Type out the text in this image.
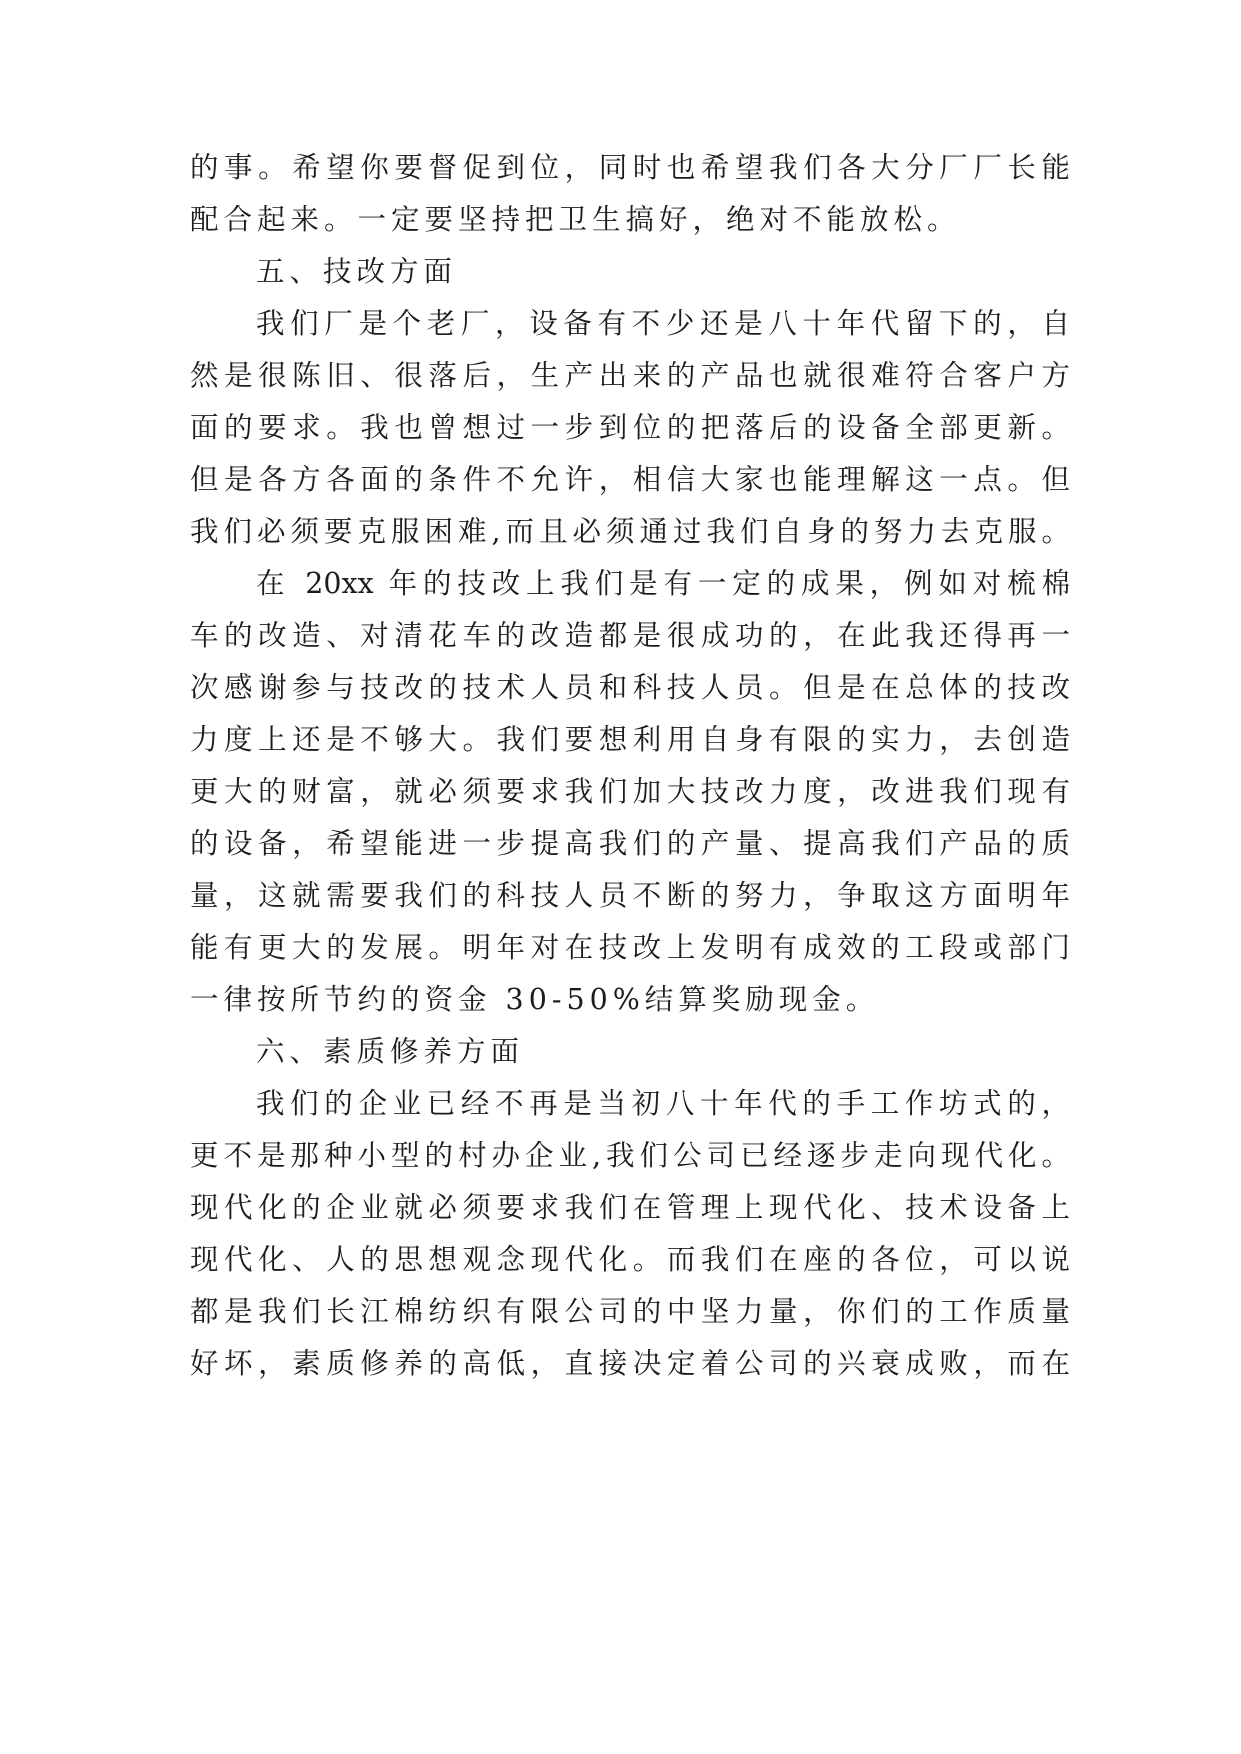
的事。希望你要督促到位，同时也希望我们各大分厂厂长能
配合起来。一定要坚持把卫生搞好，绝对不能放松。
五、技改方面
我们厂是个老厂，设备有不少还是八十年代留下的，自
然是很陈旧、很落后，生产出来的产品也就很难符合客户方
面的要求。我也曾想过一步到位的把落后的设备全部更新。
但是各方各面的条件不允许，相信大家也能理解这一点。但
我们必须要克服困难,而且必须通过我们自身的努力去克服。
在 20xx 年的技改上我们是有一定的成果，例如对梳棉
车的改造、对清花车的改造都是很成功的，在此我还得再一
次感谢参与技改的技术人员和科技人员。但是在总体的技改
力度上还是不够大。我们要想利用自身有限的实力，去创造
更大的财富，就必须要求我们加大技改力度，改进我们现有
的设备，希望能进一步提高我们的产量、提高我们产品的质
量，这就需要我们的科技人员不断的努力，争取这方面明年
能有更大的发展。明年对在技改上发明有成效的工段或部门
一律按所节约的资金 30-50%结算奖励现金。
六、素质修养方面
我们的企业已经不再是当初八十年代的手工作坊式的，
更不是那种小型的村办企业,我们公司已经逐步走向现代化。
现代化的企业就必须要求我们在管理上现代化、技术设备上
现代化、人的思想观念现代化。而我们在座的各位，可以说
都是我们长江棉纺织有限公司的中坚力量，你们的工作质量
好坏，素质修养的高低，直接决定着公司的兴衰成败，而在
